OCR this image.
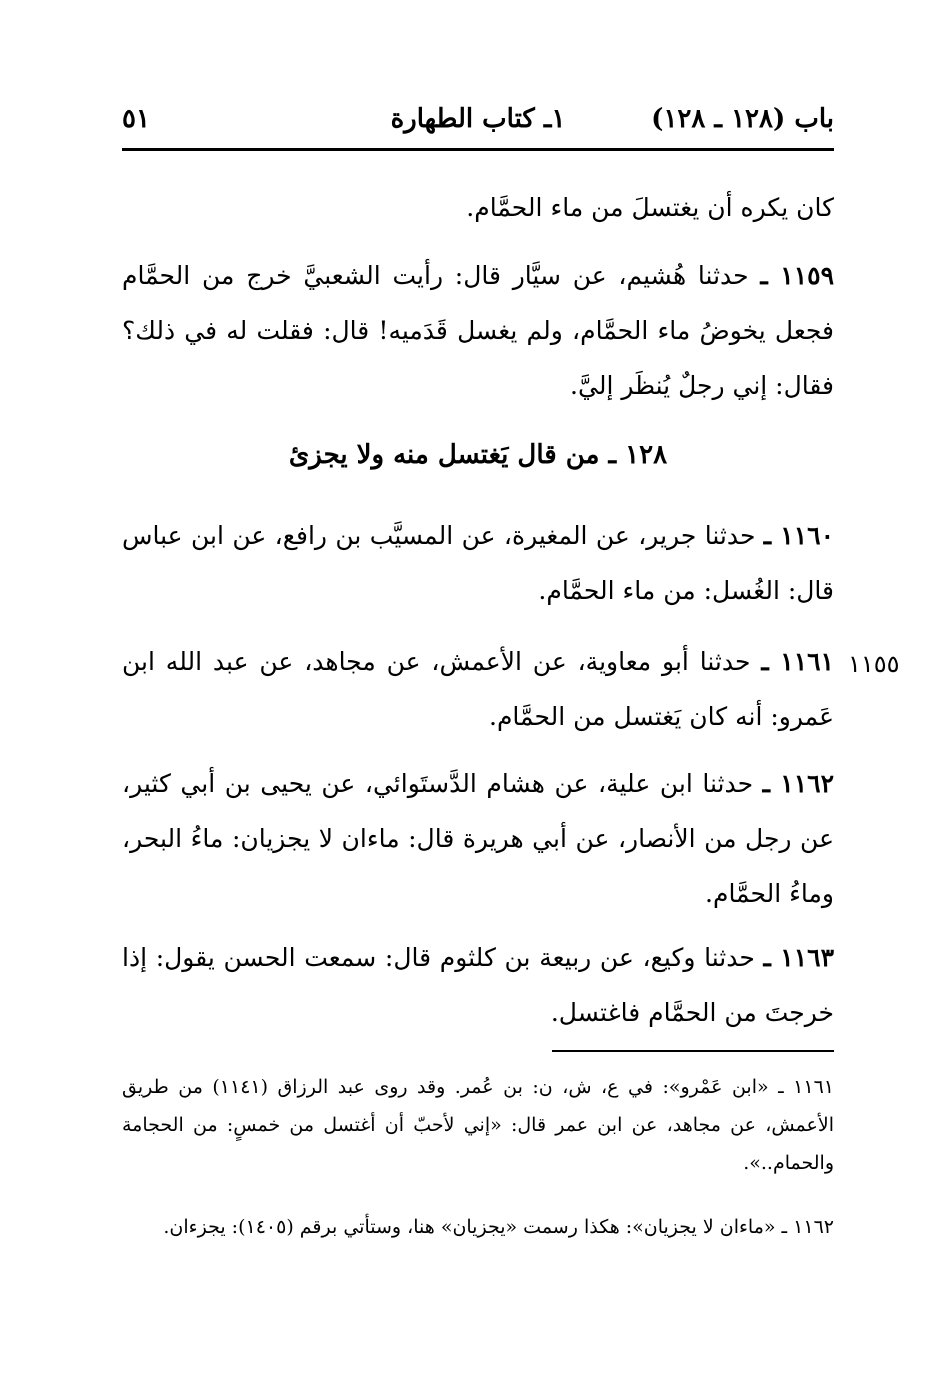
باب (١٢٨ ـ ١٢٨)
١ـ كتاب الطهارة
٥١
كان يكره أن يغتسلَ من ماء الحمَّام.
١١٥٩ ـ حدثنا هُشيم، عن سيَّار قال: رأيت الشعبيَّ خرج من الحمَّام فجعل يخوضُ ماء الحمَّام، ولم يغسل قَدَميه! قال: فقلت له في ذلك؟ فقال: إني رجلٌ يُنظَر إليَّ.
١٢٨ ـ من قال يَغتسل منه ولا يجزئ
١١٦٠ ـ حدثنا جرير، عن المغيرة، عن المسيَّب بن رافع، عن ابن عباس قال: الغُسل: من ماء الحمَّام.
١١٦١ ـ حدثنا أبو معاوية، عن الأعمش، عن مجاهد، عن عبد الله ابن عَمرو: أنه كان يَغتسل من الحمَّام.
١١٥٥
١١٦٢ ـ حدثنا ابن علية، عن هشام الدَّستَوائي، عن يحيى بن أبي كثير، عن رجل من الأنصار، عن أبي هريرة قال: ماءان لا يجزيان: ماءُ البحر، وماءُ الحمَّام.
١١٦٣ ـ حدثنا وكيع، عن ربيعة بن كلثوم قال: سمعت الحسن يقول: إذا خرجتَ من الحمَّام فاغتسل.
١١٦١ ـ «ابن عَمْرو»: في ع، ش، ن: بن عُمر. وقد روى عبد الرزاق (١١٤١) من طريق الأعمش، عن مجاهد، عن ابن عمر قال: «إني لأحبّ أن أغتسل من خمسٍ: من الحجامة والحمام..».
١١٦٢ ـ «ماءان لا يجزيان»: هكذا رسمت «يجزيان» هنا، وستأتي برقم (١٤٠٥): يجزءان.
